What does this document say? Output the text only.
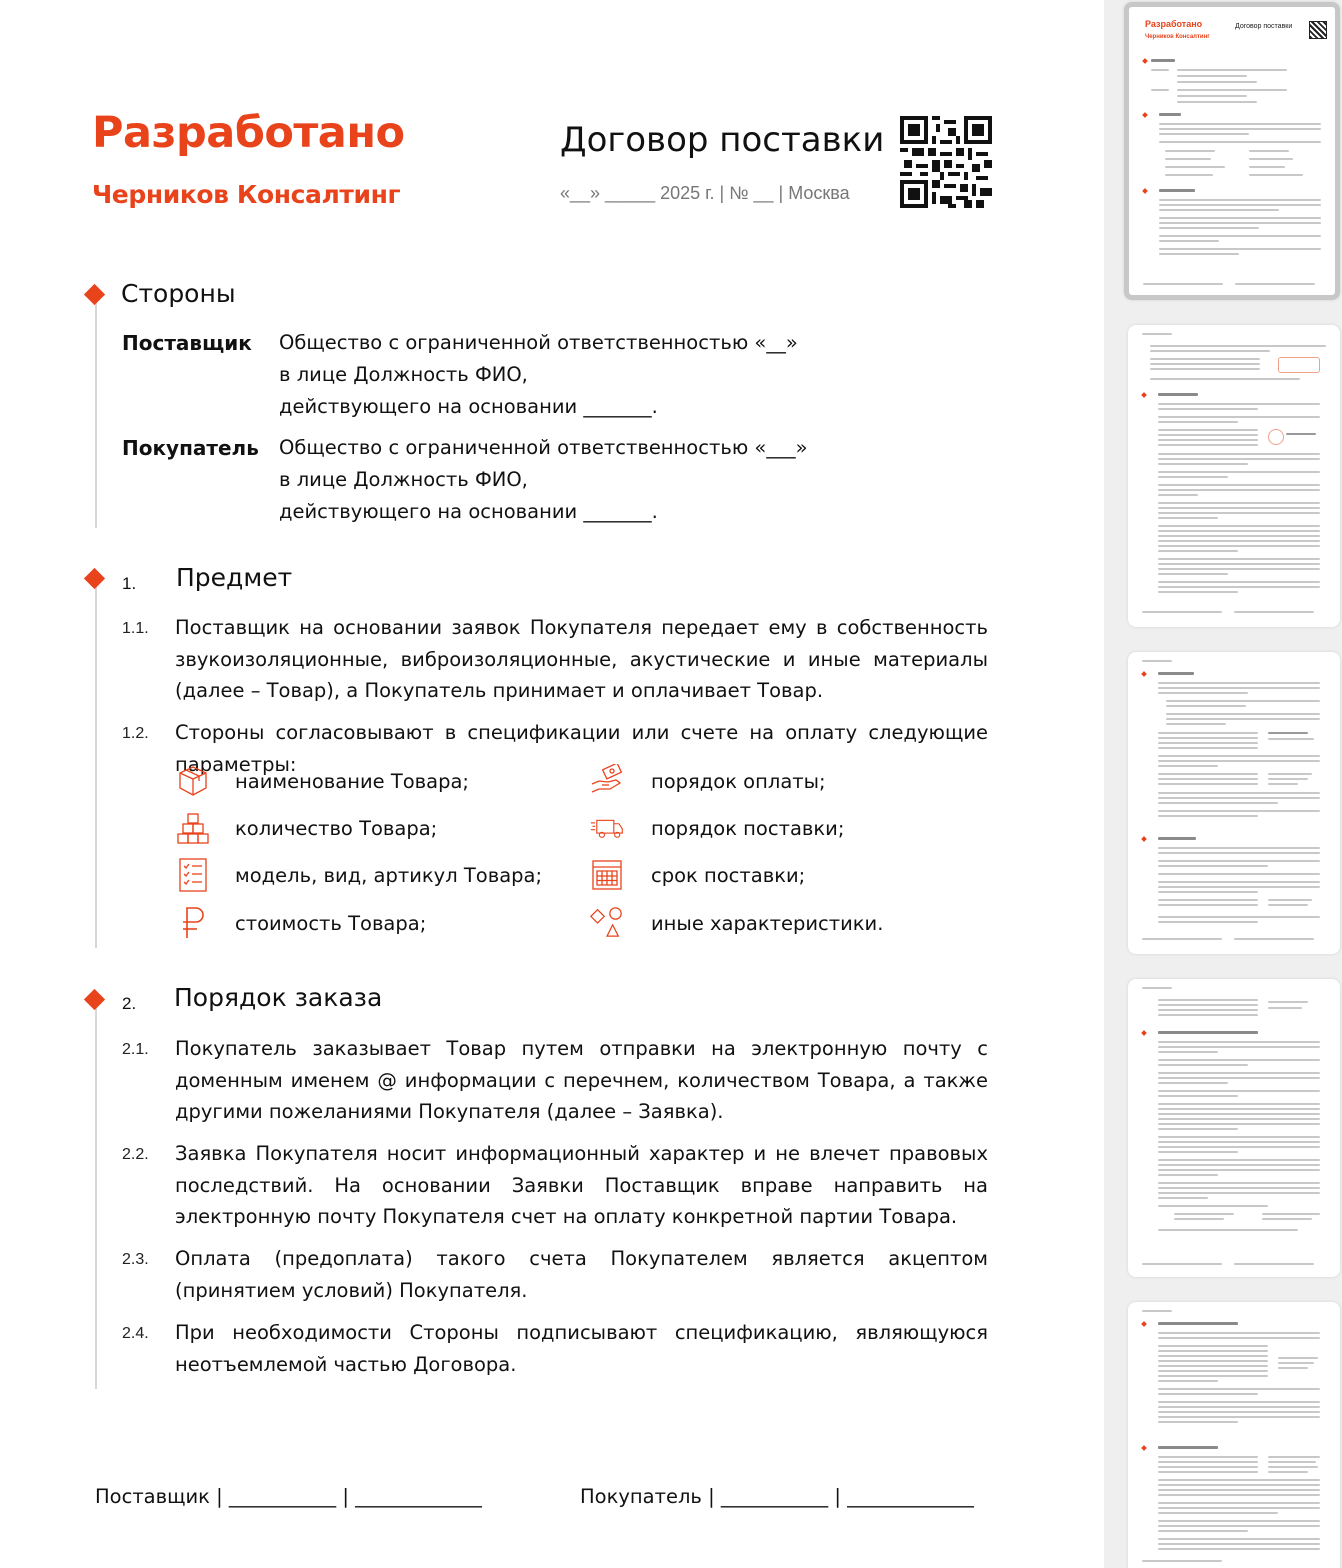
Разработано
Черников Консалтинг
Договор поставки
«__» _____ 2025 г. | № __ | Москва
Стороны
Поставщик Общество с ограниченной ответственностью «__»
в лице Должность ФИО,
действующего на основании _______.
Покупатель Общество с ограниченной ответственностью «___»
в лице Должность ФИО,
действующего на основании _______.
1. Предмет
1.1. Поставщик на основании заявок Покупателя передает ему в собственность звукоизоляционные, виброизоляционные, акустические и иные материалы (далее – Товар), а Покупатель принимает и оплачивает Товар.
1.2. Стороны согласовывают в спецификации или счете на оплату следующие параметры:
наименование Товара;
количество Товара;
модель, вид, артикул Товара;
стоимость Товара;
порядок оплаты;
порядок поставки;
срок поставки;
иные характеристики.
2. Порядок заказа
2.1. Покупатель заказывает Товар путем отправки на электронную почту с доменным именем @ информации с перечнем, количеством Товара, а также другими пожеланиями Покупателя (далее – Заявка).
2.2. Заявка Покупателя носит информационный характер и не влечет правовых последствий. На основании Заявки Поставщик вправе направить на электронную почту Покупателя счет на оплату конкретной партии Товара.
2.3. Оплата (предоплата) такого счета Покупателем является акцептом (принятием условий) Покупателя.
2.4. При необходимости Стороны подписывают спецификацию, являющуюся неотъемлемой частью Договора.
Поставщик | ___________ | _____________	Покупатель | ___________ | _____________
Разработано
Черников Консалтинг
Договор поставки
